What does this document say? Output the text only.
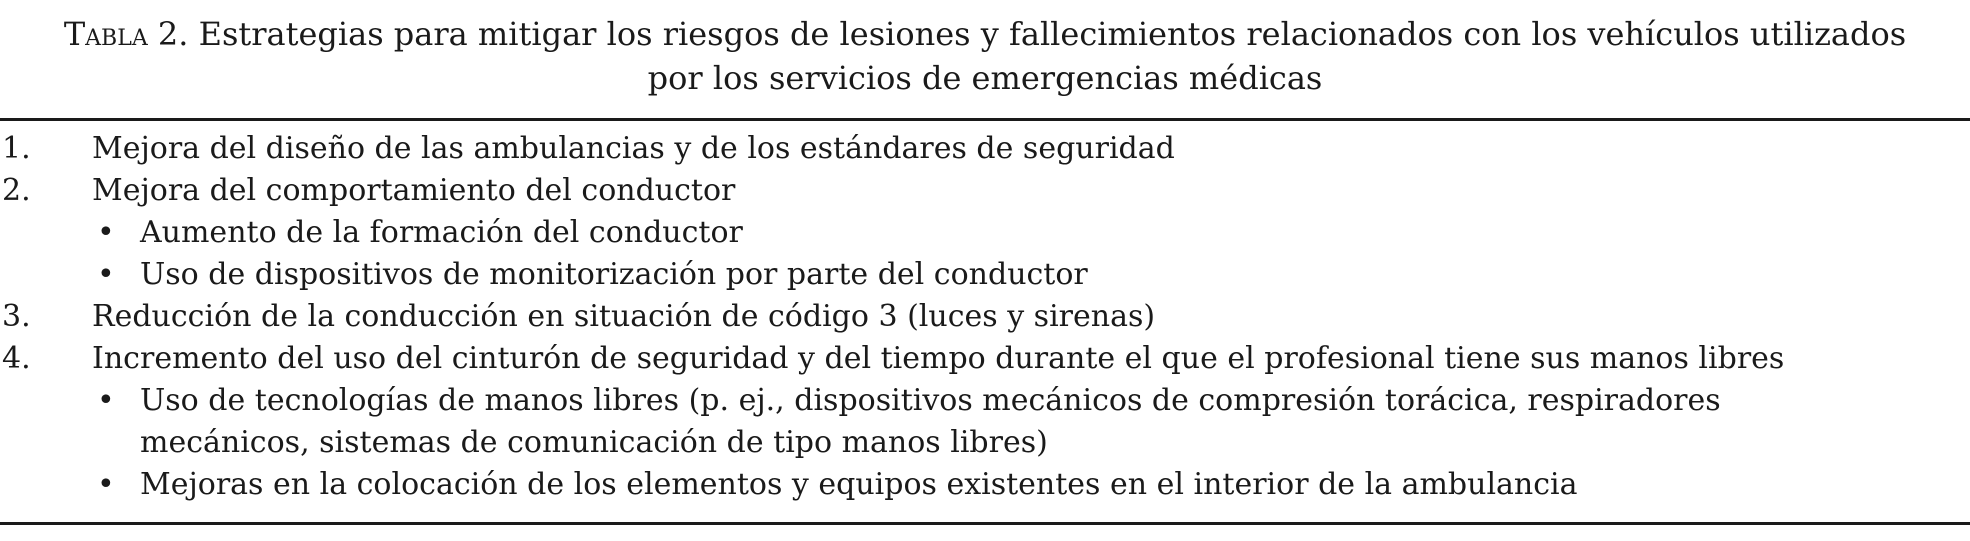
Tabla 2. Estrategias para mitigar los riesgos de lesiones y fallecimientos relacionados con los vehículos utilizados
por los servicios de emergencias médicas
1. Mejora del diseño de las ambulancias y de los estándares de seguridad
2. Mejora del comportamiento del conductor
• Aumento de la formación del conductor
• Uso de dispositivos de monitorización por parte del conductor
3. Reducción de la conducción en situación de código 3 (luces y sirenas)
4. Incremento del uso del cinturón de seguridad y del tiempo durante el que el profesional tiene sus manos libres
• Uso de tecnologías de manos libres (p. ej., dispositivos mecánicos de compresión torácica, respiradores mecánicos, sistemas de comunicación de tipo manos libres)
• Mejoras en la colocación de los elementos y equipos existentes en el interior de la ambulancia
